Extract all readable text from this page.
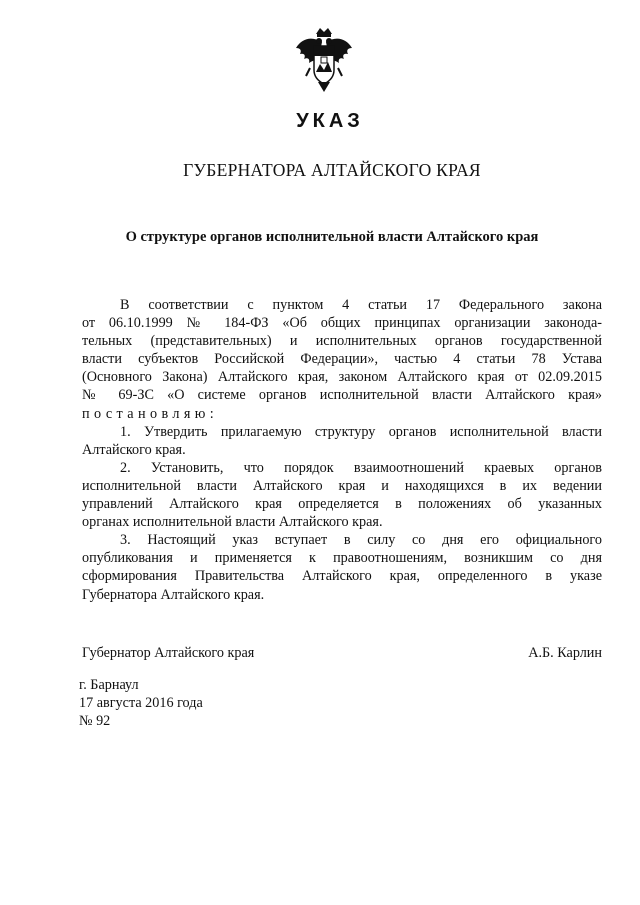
УКАЗ
ГУБЕРНАТОРА АЛТАЙСКОГО КРАЯ
О структуре органов исполнительной власти Алтайского края
В соответствии с пунктом 4 статьи 17 Федерального закона
от 06.10.1999 № 184-ФЗ «Об общих принципах организации законода-
тельных (представительных) и исполнительных органов государственной
власти субъектов Российской Федерации», частью 4 статьи 78 Устава
(Основного Закона) Алтайского края, законом Алтайского края от 02.09.2015
№ 69-ЗС «О системе органов исполнительной власти Алтайского края»
постановляю:
1. Утвердить прилагаемую структуру органов исполнительной власти
Алтайского края.
2. Установить, что порядок взаимоотношений краевых органов
исполнительной власти Алтайского края и находящихся в их ведении
управлений Алтайского края определяется в положениях об указанных
органах исполнительной власти Алтайского края.
3. Настоящий указ вступает в силу со дня его официального
опубликования и применяется к правоотношениям, возникшим со дня
сформирования Правительства Алтайского края, определенного в указе
Губернатора Алтайского края.
Губернатор Алтайского края	А.Б. Карлин
г. Барнаул
17 августа 2016 года
№ 92
